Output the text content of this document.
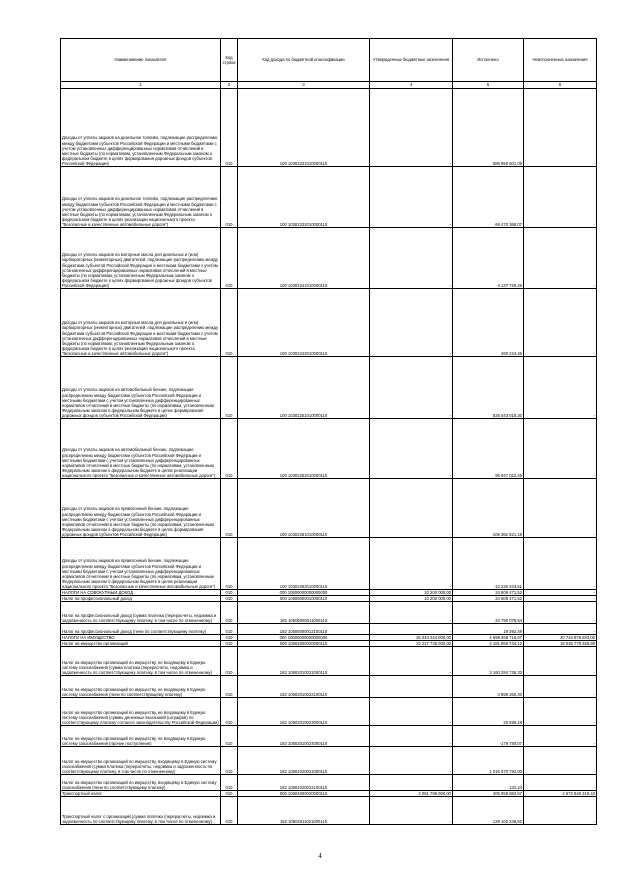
Наименование показателя	Код строки	Код дохода по бюджетной классификации	Утвержденные бюджетные назначения	Исполнено	Неисполненные назначения
1	2	3	4	5	6
Доходы от уплаты акцизов на дизельное топливо, подлежащие распределению между бюджетами субъектов Российской Федерации и местными бюджетами с учетом установленных дифференцированных нормативов отчислений в местные бюджеты (по нормативам, установленным Федеральным законом о федеральном бюджете в целях формирования дорожных фондов субъектов Российской Федерации)	010	100 10302231010000110	-	589 959 601,09	-
Доходы от уплаты акцизов на дизельное топливо, подлежащие распределению между бюджетами субъектов Российской Федерации и местными бюджетами с учетом установленных дифференцированных нормативов отчислений в местные бюджеты (по нормативам, установленным Федеральным законом о федеральном бюджете в целях реализации национального проекта "Безопасные и качественные автомобильные дороги")	010	100 10302232010000110	-	69 470 368,07	-
Доходы от уплаты акцизов на моторные масла для дизельных и (или) карбюраторных (инжекторных) двигателей, подлежащие распределению между бюджетами субъектов Российской Федерации и местными бюджетами с учетом установленных дифференцированных нормативов отчислений в местные бюджеты (по нормативам, установленным Федеральным законом о федеральном бюджете в целях формирования дорожных фондов субъектов Российской Федерации)	010	100 10302241010000110	-	4 137 729,26	-
Доходы от уплаты акцизов на моторные масла для дизельных и (или) карбюраторных (инжекторных) двигателей, подлежащие распределению между бюджетами субъектов Российской Федерации и местными бюджетами с учетом установленных дифференцированных нормативов отчислений в местные бюджеты (по нормативам, установленным Федеральным законом о федеральном бюджете в целях реализации национального проекта "Безопасные и качественные автомобильные дороги")	010	100 10302242010000110	-	460 224,46	-
Доходы от уплаты акцизов на автомобильный бензин, подлежащие распределению между бюджетами субъектов Российской Федерации и местными бюджетами с учетом установленных дифференцированных нормативов отчислений в местные бюджеты (по нормативам, установленным Федеральным законом о федеральном бюджете в целях формирования дорожных фондов субъектов Российской Федерации)	010	100 10302251010000110	-	825 043 016,30	-
Доходы от уплаты акцизов на автомобильный бензин, подлежащие распределению между бюджетами субъектов Российской Федерации и местными бюджетами с учетом установленных дифференцированных нормативов отчислений в местные бюджеты (по нормативам, установленным Федеральным законом о федеральном бюджете в целях реализации национального проекта "Безопасные и качественные автомобильные дороги")	010	100 10302252010000110	-	95 847 022,45	-
Доходы от уплаты акцизов на прямогонный бензин, подлежащие распределению между бюджетами субъектов Российской Федерации и местными бюджетами с учетом установленных дифференцированных нормативов отчислений в местные бюджеты (по нормативам, установленным Федеральным законом о федеральном бюджете в целях формирования дорожных фондов субъектов Российской Федерации)	010	100 10302261010000110	-	-105 362 621,18	-
Доходы от уплаты акцизов на прямогонный бензин, подлежащие распределению между бюджетами субъектов Российской Федерации и местными бюджетами с учетом установленных дифференцированных нормативов отчислений в местные бюджеты (по нормативам, установленным Федеральным законом о федеральном бюджете в целях реализации национального проекта "Безопасные и качественные автомобильные дороги")	010	100 10302262010000110	-	-12 228 333,51	-
НАЛОГИ НА СОВОКУПНЫЙ ДОХОД	010	000 10500000000000000	10 200 000,00	24 809 471,52	-
Налог на профессиональный доход	010	000 10506000010000110	10 200 000,00	24 809 471,52	-
Налог на профессиональный доход (сумма платежа (перерасчеты, недоимка и задолженность по соответствующему платежу, в том числе по отмененному)	010	182 10506000011000110	-	24 790 078,54	-
Налог на профессиональный доход (пени по соответствующему платежу)	010	182 10506000012100110	-	19 392,49	-
НАЛОГИ НА ИМУЩЕСТВО	010	000 10600000000000000	25 344 244 000,00	4 599 268 716,67	20 744 975 283,00
Налог на имущество организаций	010	000 10602000020000110	22 227 735 000,00	4 181 955 744,12	18 045 779 255,88
Налог на имущество организаций по имуществу, не входящему в Единую систему газоснабжения (сумма платежа (перерасчеты, недоимка и задолженность по соответствующему платежу, в том числе по отмененному)	010	182 10602010021000110	-	3 160 284 736,33	-
Налог на имущество организаций по имуществу, не входящему в Единую систему газоснабжения (пени по соответствующему платежу)	010	182 10602010022100110	-	4 959 250,40	-
Налог на имущество организаций по имуществу, не входящему в Единую систему газоснабжения (суммы денежных взысканий (штрафов) по соответствующему платежу согласно законодательству Российской Федерации)	010	182 10602010023000110	-	20 599,18	-
Налог на имущество организаций по имуществу, не входящему в Единую систему газоснабжения (прочие поступления)	010	182 10602010024000110	-	-179 780,07	-
Налог на имущество организаций по имуществу, входящему в Единую систему газоснабжения (сумма платежа (перерасчеты, недоимка и задолженность по соответствующему платежу, в том числе по отмененному)	010	182 10602020021000110	-	1 016 870 782,00	-
Налог на имущество организаций по имуществу, входящему в Единую систему газоснабжения (пени по соответствующему платежу)	010	182 10602020022100110	-	132,24	-
Транспортный налог	010	000 10604000020000110	3 081 799 000,00	405 958 683,57	2 672 840 319,43
Транспортный налог с организаций (сумма платежа (перерасчеты, недоимка и задолженность по соответствующему платежу, в том числе по отмененному)	010	182 10604011021000110	-	129 102 249,52	-
4
